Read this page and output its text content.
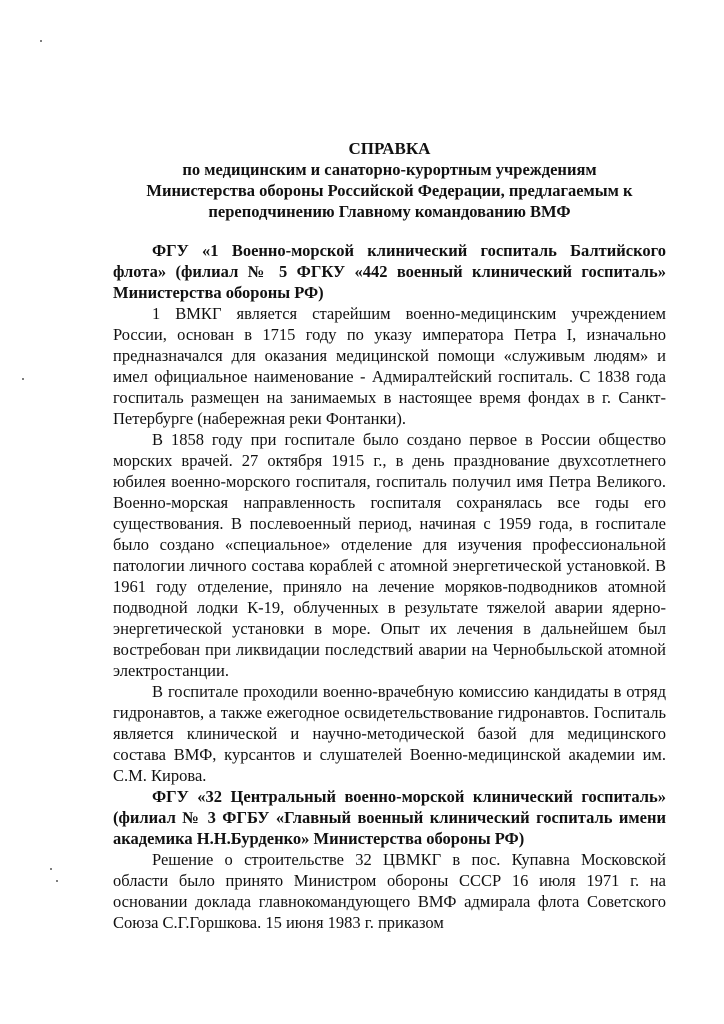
СПРАВКА

по медицинским и санаторно-курортным учреждениям
Министерства обороны Российской Федерации, предлагаемым к
переподчинению Главному командованию ВМФ

ФГУ «1 Военно-морской клинический госпиталь Балтийского флота» (филиал № 5 ФГКУ «442 военный клинический госпиталь» Министерства обороны РФ)

1 ВМКГ является старейшим военно-медицинским учреждением России, основан в 1715 году по указу императора Петра I, изначально предназначался для оказания медицинской помощи «служивым людям» и имел официальное наименование - Адмиралтейский госпиталь. С 1838 года госпиталь размещен на занимаемых в настоящее время фондах в г. Санкт-Петербурге (набережная реки Фонтанки).

В 1858 году при госпитале было создано первое в России общество морских врачей. 27 октября 1915 г., в день празднование двухсотлетнего юбилея военно-морского госпиталя, госпиталь получил имя Петра Великого. Военно-морская направленность госпиталя сохранялась все годы его существования. В послевоенный период, начиная с 1959 года, в госпитале было создано «специальное» отделение для изучения профессиональной патологии личного состава кораблей с атомной энергетической установкой. В 1961 году отделение, приняло на лечение моряков-подводников атомной подводной лодки К-19, облученных в результате тяжелой аварии ядерно-энергетической установки в море. Опыт их лечения в дальнейшем был востребован при ликвидации последствий аварии на Чернобыльской атомной электростанции.

В госпитале проходили военно-врачебную комиссию кандидаты в отряд гидронавтов, а также ежегодное освидетельствование гидронавтов. Госпиталь является клинической и научно-методической базой для медицинского состава ВМФ, курсантов и слушателей Военно-медицинской академии им. С.М. Кирова.

ФГУ «32 Центральный военно-морской клинический госпиталь» (филиал № 3 ФГБУ «Главный военный клинический госпиталь имени академика Н.Н.Бурденко» Министерства обороны РФ)

Решение о строительстве 32 ЦВМКГ в пос. Купавна Московской области было принято Министром обороны СССР 16 июля 1971 г. на основании доклада главнокомандующего ВМФ адмирала флота Советского Союза С.Г.Горшкова. 15 июня 1983 г. приказом
